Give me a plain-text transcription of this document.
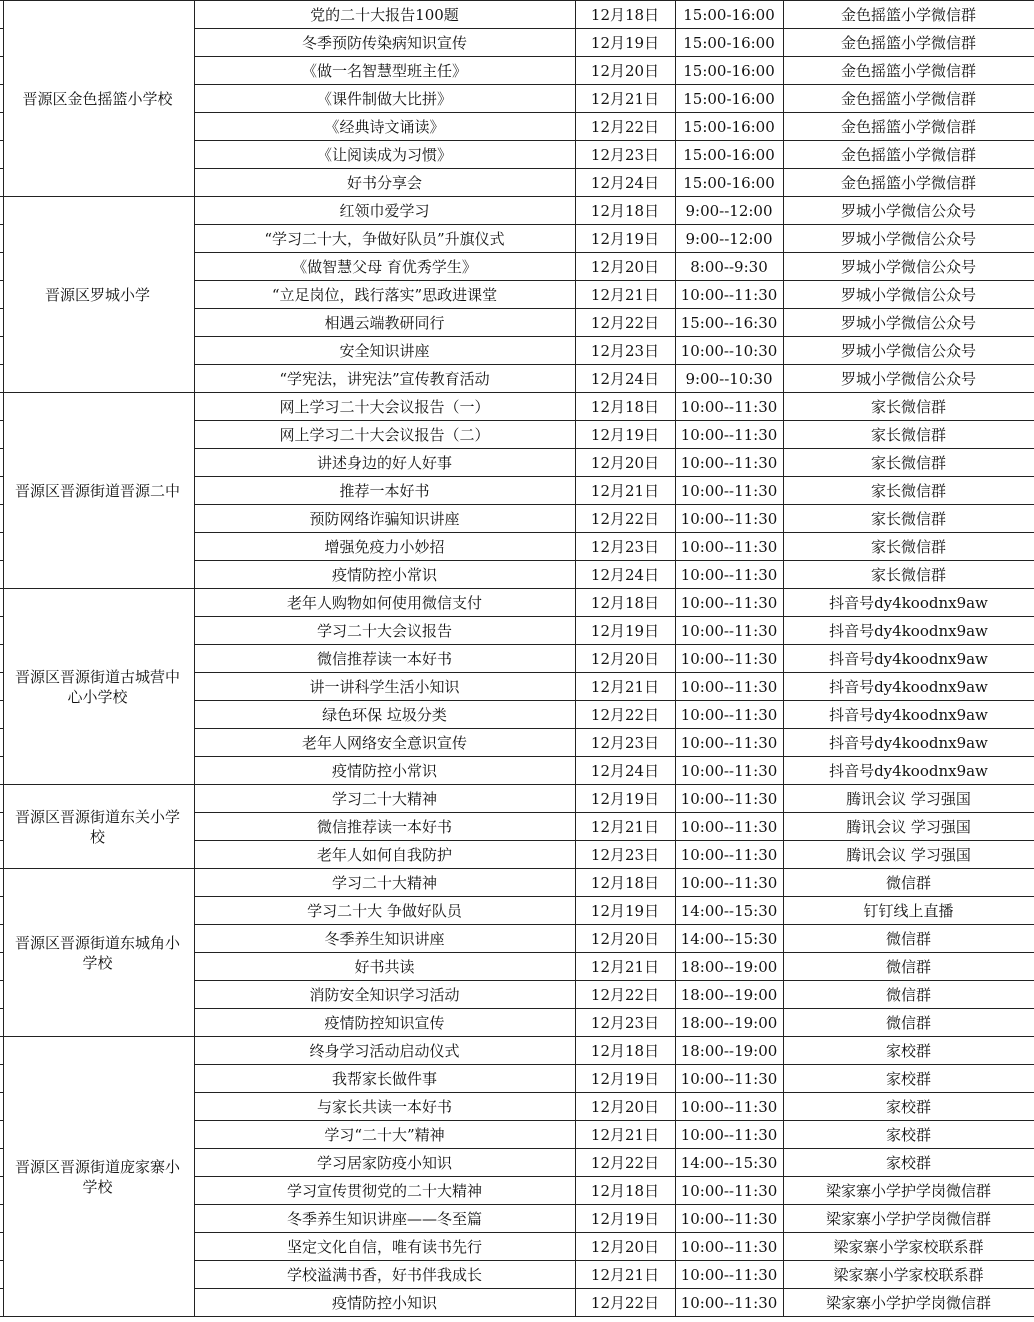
	晋源区金色摇篮小学校	党的二十大报告100题	12月18日	15:00-16:00	金色摇篮小学微信群
		冬季预防传染病知识宣传	12月19日	15:00-16:00	金色摇篮小学微信群
		《做一名智慧型班主任》	12月20日	15:00-16:00	金色摇篮小学微信群
		《课件制做大比拼》	12月21日	15:00-16:00	金色摇篮小学微信群
		《经典诗文诵读》	12月22日	15:00-16:00	金色摇篮小学微信群
		《让阅读成为习惯》	12月23日	15:00-16:00	金色摇篮小学微信群
		好书分享会	12月24日	15:00-16:00	金色摇篮小学微信群
	晋源区罗城小学	红领巾爱学习	12月18日	9:00--12:00	罗城小学微信公众号
		“学习二十大，争做好队员”升旗仪式	12月19日	9:00--12:00	罗城小学微信公众号
		《做智慧父母 育优秀学生》	12月20日	8:00--9:30	罗城小学微信公众号
		“立足岗位，践行落实”思政进课堂	12月21日	10:00--11:30	罗城小学微信公众号
		相遇云端教研同行	12月22日	15:00--16:30	罗城小学微信公众号
		安全知识讲座	12月23日	10:00--10:30	罗城小学微信公众号
		“学宪法，讲宪法”宣传教育活动	12月24日	9:00--10:30	罗城小学微信公众号
	晋源区晋源街道晋源二中	网上学习二十大会议报告（一）	12月18日	10:00--11:30	家长微信群
		网上学习二十大会议报告（二）	12月19日	10:00--11:30	家长微信群
		讲述身边的好人好事	12月20日	10:00--11:30	家长微信群
		推荐一本好书	12月21日	10:00--11:30	家长微信群
		预防网络诈骗知识讲座	12月22日	10:00--11:30	家长微信群
		增强免疫力小妙招	12月23日	10:00--11:30	家长微信群
		疫情防控小常识	12月24日	10:00--11:30	家长微信群
	晋源区晋源街道古城营中心小学校	老年人购物如何使用微信支付	12月18日	10:00--11:30	抖音号dy4koodnx9aw
		学习二十大会议报告	12月19日	10:00--11:30	抖音号dy4koodnx9aw
		微信推荐读一本好书	12月20日	10:00--11:30	抖音号dy4koodnx9aw
		讲一讲科学生活小知识	12月21日	10:00--11:30	抖音号dy4koodnx9aw
		绿色环保 垃圾分类	12月22日	10:00--11:30	抖音号dy4koodnx9aw
		老年人网络安全意识宣传	12月23日	10:00--11:30	抖音号dy4koodnx9aw
		疫情防控小常识	12月24日	10:00--11:30	抖音号dy4koodnx9aw
	晋源区晋源街道东关小学校	学习二十大精神	12月19日	10:00--11:30	腾讯会议 学习强国
		微信推荐读一本好书	12月21日	10:00--11:30	腾讯会议 学习强国
		老年人如何自我防护	12月23日	10:00--11:30	腾讯会议 学习强国
	晋源区晋源街道东城角小学校	学习二十大精神	12月18日	10:00--11:30	微信群
		学习二十大 争做好队员	12月19日	14:00--15:30	钉钉线上直播
		冬季养生知识讲座	12月20日	14:00--15:30	微信群
		好书共读	12月21日	18:00--19:00	微信群
		消防安全知识学习活动	12月22日	18:00--19:00	微信群
		疫情防控知识宣传	12月23日	18:00--19:00	微信群
	晋源区晋源街道庞家寨小学校	终身学习活动启动仪式	12月18日	18:00--19:00	家校群
		我帮家长做件事	12月19日	10:00--11:30	家校群
		与家长共读一本好书	12月20日	10:00--11:30	家校群
		学习“二十大”精神	12月21日	10:00--11:30	家校群
		学习居家防疫小知识	12月22日	14:00--15:30	家校群
		学习宣传贯彻党的二十大精神	12月18日	10:00--11:30	梁家寨小学护学岗微信群
		冬季养生知识讲座——冬至篇	12月19日	10:00--11:30	梁家寨小学护学岗微信群
		坚定文化自信，唯有读书先行	12月20日	10:00--11:30	梁家寨小学家校联系群
		学校溢满书香，好书伴我成长	12月21日	10:00--11:30	梁家寨小学家校联系群
		疫情防控小知识	12月22日	10:00--11:30	梁家寨小学护学岗微信群
